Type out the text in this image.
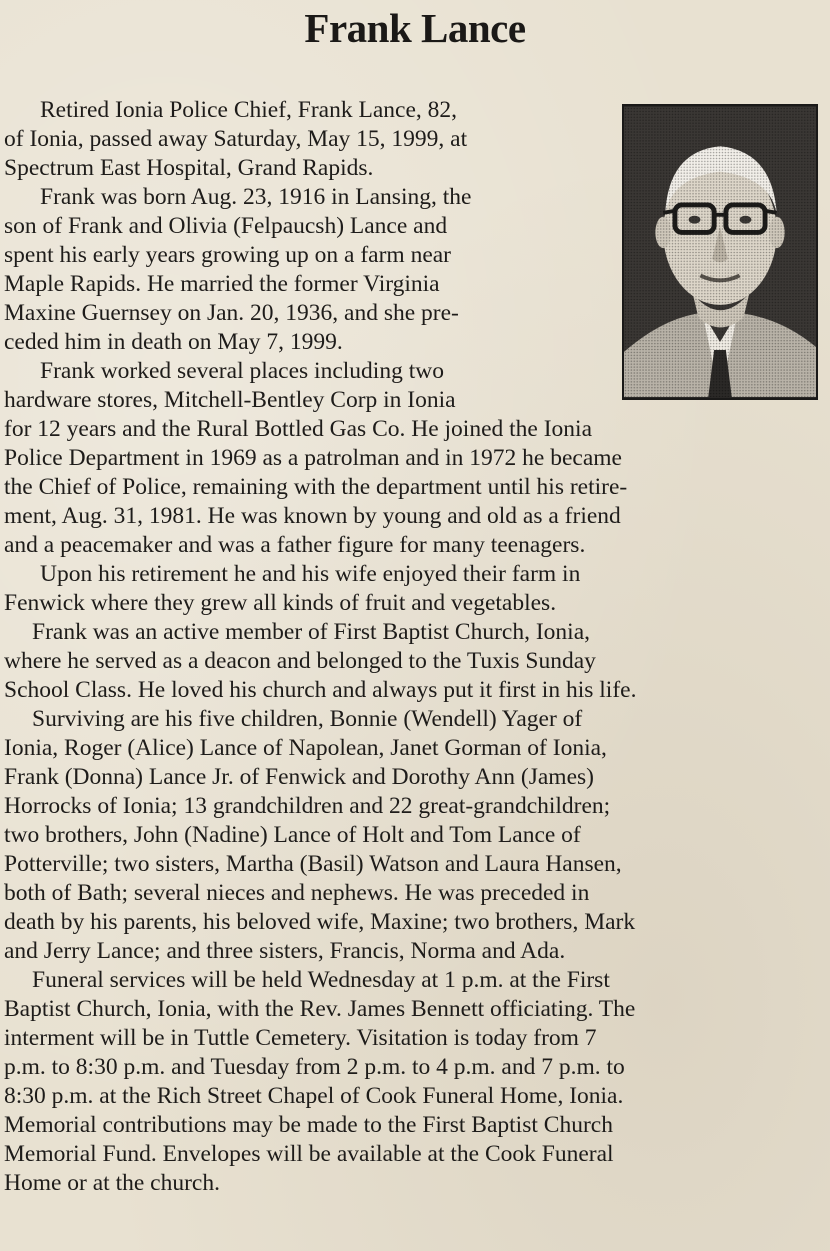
Frank Lance
Retired Ionia Police Chief, Frank Lance, 82,
of Ionia, passed away Saturday, May 15, 1999, at
Spectrum East Hospital, Grand Rapids.
Frank was born Aug. 23, 1916 in Lansing, the
son of Frank and Olivia (Felpaucsh) Lance and
spent his early years growing up on a farm near
Maple Rapids. He married the former Virginia
Maxine Guernsey on Jan. 20, 1936, and she pre-
ceded him in death on May 7, 1999.
Frank worked several places including two
hardware stores, Mitchell-Bentley Corp in Ionia
for 12 years and the Rural Bottled Gas Co. He joined the Ionia
Police Department in 1969 as a patrolman and in 1972 he became
the Chief of Police, remaining with the department until his retire-
ment, Aug. 31, 1981. He was known by young and old as a friend
and a peacemaker and was a father figure for many teenagers.
Upon his retirement he and his wife enjoyed their farm in
Fenwick where they grew all kinds of fruit and vegetables.
Frank was an active member of First Baptist Church, Ionia,
where he served as a deacon and belonged to the Tuxis Sunday
School Class. He loved his church and always put it first in his life.
Surviving are his five children, Bonnie (Wendell) Yager of
Ionia, Roger (Alice) Lance of Napolean, Janet Gorman of Ionia,
Frank (Donna) Lance Jr. of Fenwick and Dorothy Ann (James)
Horrocks of Ionia; 13 grandchildren and 22 great-grandchildren;
two brothers, John (Nadine) Lance of Holt and Tom Lance of
Potterville; two sisters, Martha (Basil) Watson and Laura Hansen,
both of Bath; several nieces and nephews. He was preceded in
death by his parents, his beloved wife, Maxine; two brothers, Mark
and Jerry Lance; and three sisters, Francis, Norma and Ada.
Funeral services will be held Wednesday at 1 p.m. at the First
Baptist Church, Ionia, with the Rev. James Bennett officiating. The
interment will be in Tuttle Cemetery. Visitation is today from 7
p.m. to 8:30 p.m. and Tuesday from 2 p.m. to 4 p.m. and 7 p.m. to
8:30 p.m. at the Rich Street Chapel of Cook Funeral Home, Ionia.
Memorial contributions may be made to the First Baptist Church
Memorial Fund. Envelopes will be available at the Cook Funeral
Home or at the church.
